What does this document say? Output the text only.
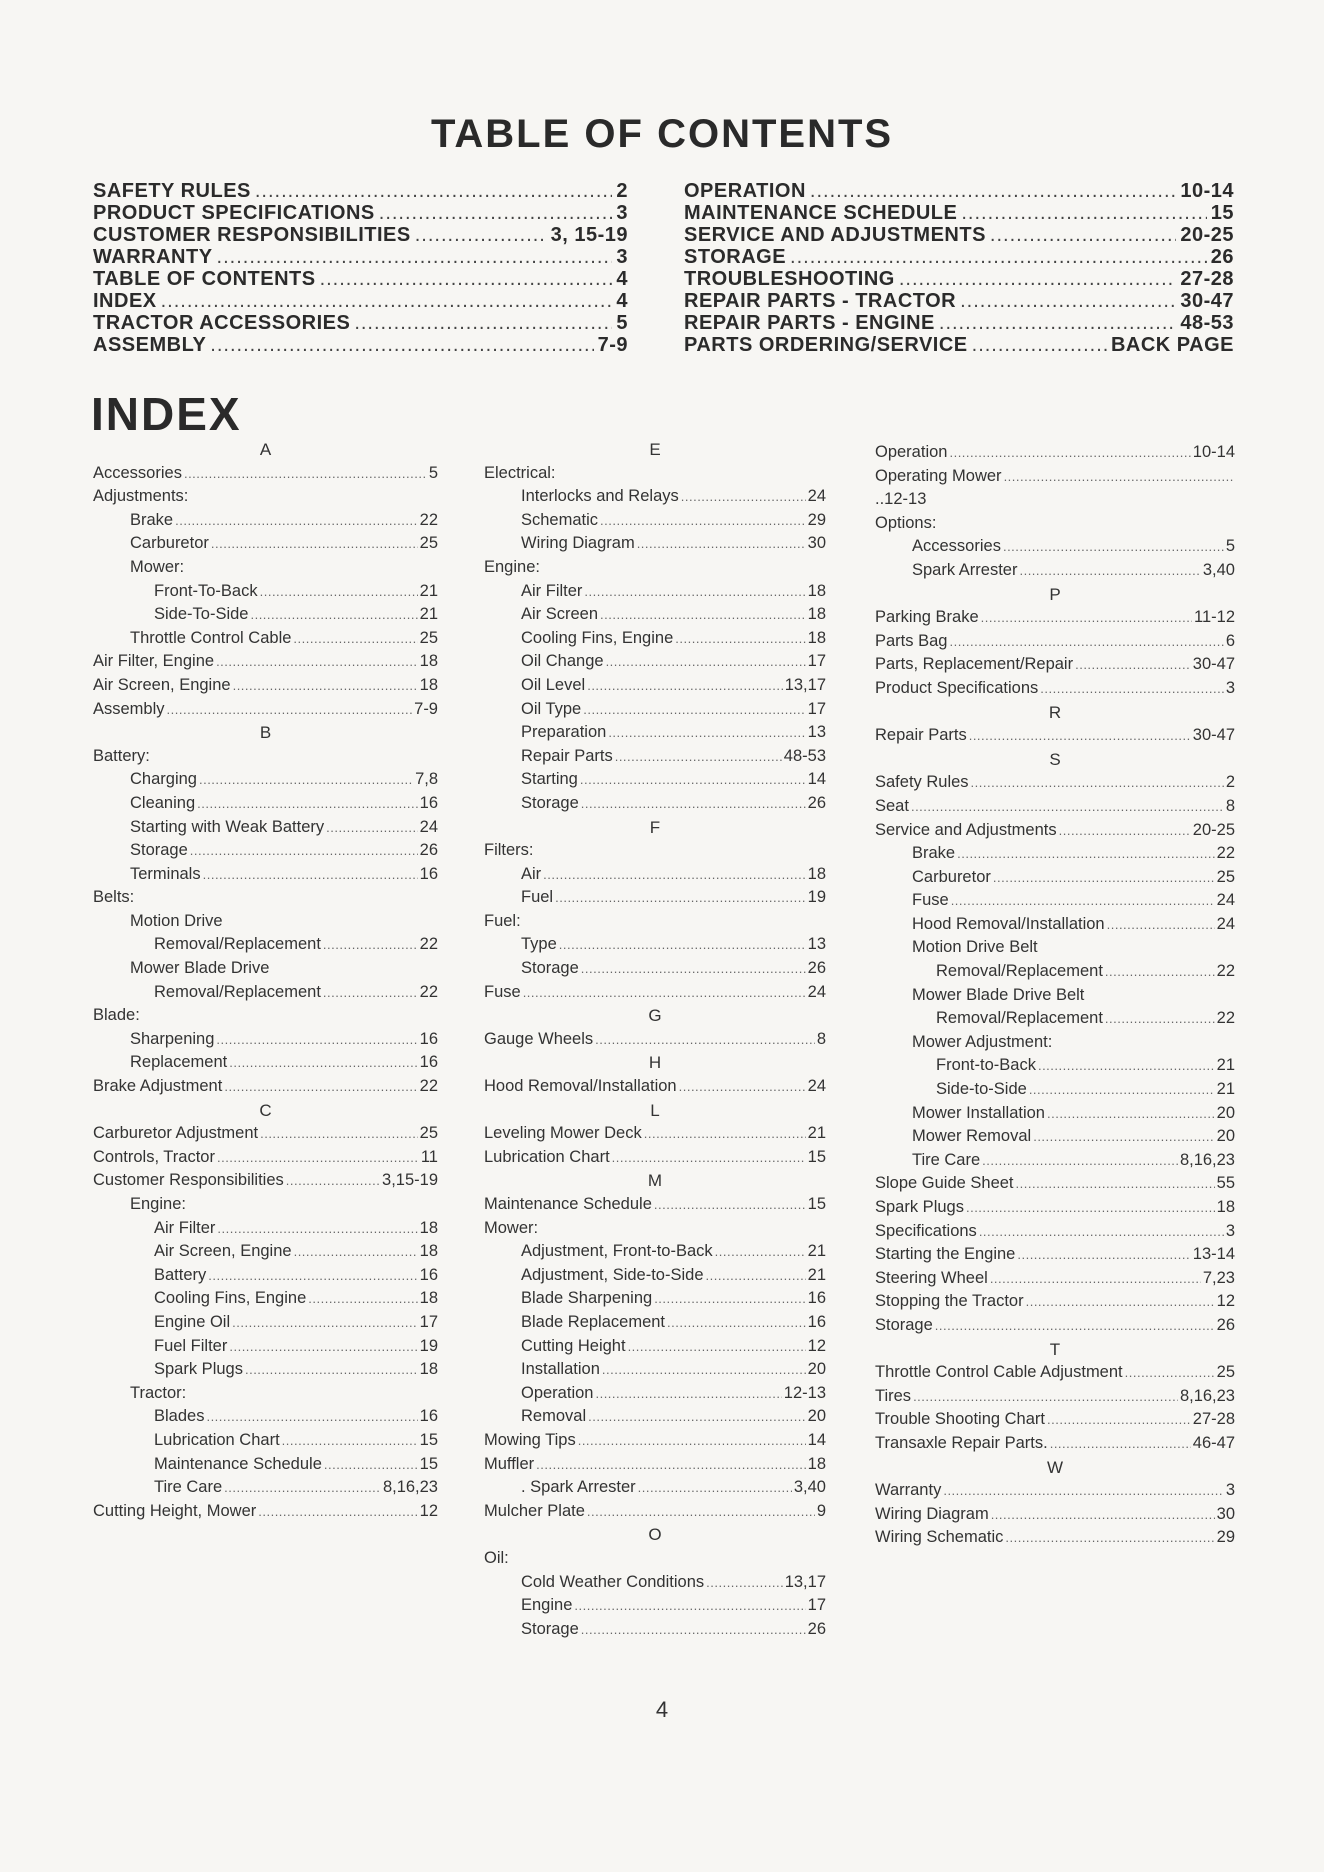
TABLE OF CONTENTS
SAFETY RULES .....	2
PRODUCT SPECIFICATIONS .....	3
CUSTOMER RESPONSIBILITIES .....	3, 15-19
WARRANTY .....	3
TABLE OF CONTENTS .....	4
INDEX .....	4
TRACTOR ACCESSORIES .....	5
ASSEMBLY .....	7-9
OPERATION .....	10-14
MAINTENANCE SCHEDULE .....	15
SERVICE AND ADJUSTMENTS .....	20-25
STORAGE .....	26
TROUBLESHOOTING .....	27-28
REPAIR PARTS - TRACTOR .....	30-47
REPAIR PARTS - ENGINE .....	48-53
PARTS ORDERING/SERVICE .....	BACK PAGE
INDEX
A
Accessories .....	5
Adjustments:
Brake .....	22
Carburetor .....	25
Mower:
Front-To-Back .....	21
Side-To-Side .....	21
Throttle Control Cable .....	25
Air Filter, Engine .....	18
Air Screen, Engine .....	18
Assembly .....	7-9
B
Battery:
Charging .....	7,8
Cleaning .....	16
Starting with Weak Battery .....	24
Storage .....	26
Terminals .....	16
Belts:
Motion Drive
Removal/Replacement .....	22
Mower Blade Drive
Removal/Replacement .....	22
Blade:
Sharpening .....	16
Replacement .....	16
Brake Adjustment .....	22
C
Carburetor Adjustment .....	25
Controls, Tractor .....	11
Customer Responsibilities .....	3,15-19
Engine:
Air Filter .....	18
Air Screen, Engine .....	18
Battery .....	16
Cooling Fins, Engine .....	18
Engine Oil .....	17
Fuel Filter .....	19
Spark Plugs .....	18
Tractor:
Blades .....	16
Lubrication Chart .....	15
Maintenance Schedule .....	15
Tire Care .....	8,16,23
Cutting Height, Mower .....	12
E
Electrical:
Interlocks and Relays .....	24
Schematic .....	29
Wiring Diagram .....	30
Engine:
Air Filter .....	18
Air Screen .....	18
Cooling Fins, Engine .....	18
Oil Change .....	17
Oil Level .....	13,17
Oil Type .....	17
Preparation .....	13
Repair Parts .....	48-53
Starting .....	14
Storage .....	26
F
Filters:
Air .....	18
Fuel .....	19
Fuel:
Type .....	13
Storage .....	26
Fuse .....	24
G
Gauge Wheels .....	8
H
Hood Removal/Installation .....	24
L
Leveling Mower Deck .....	21
Lubrication Chart .....	15
M
Maintenance Schedule .....	15
Mower:
Adjustment, Front-to-Back .....	21
Adjustment, Side-to-Side .....	21
Blade Sharpening .....	16
Blade Replacement .....	16
Cutting Height .....	12
Installation .....	20
Operation .....	12-13
Removal .....	20
Mowing Tips .....	14
Muffler .....	18
. Spark Arrester .....	3,40
Mulcher Plate .....	9
O
Oil:
Cold Weather Conditions .....	13,17
Engine .....	17
Storage .....	26
Operation .....	10-14
Operating Mower
.....
..12-13
Options:
Accessories .....	5
Spark Arrester .....	3,40
P
Parking Brake .....	11-12
Parts Bag .....	6
Parts, Replacement/Repair .....	30-47
Product Specifications .....	3
R
Repair Parts .....	30-47
S
Safety Rules .....	2
Seat .....	8
Service and Adjustments .....	20-25
Brake .....	22
Carburetor .....	25
Fuse .....	24
Hood Removal/Installation .....	24
Motion Drive Belt
Removal/Replacement .....	22
Mower Blade Drive Belt
Removal/Replacement .....	22
Mower Adjustment:
Front-to-Back .....	21
Side-to-Side .....	21
Mower Installation .....	20
Mower Removal .....	20
Tire Care .....	8,16,23
Slope Guide Sheet .....	55
Spark Plugs .....	18
Specifications .....	3
Starting the Engine .....	13-14
Steering Wheel .....	7,23
Stopping the Tractor .....	12
Storage .....	26
T
Throttle Control Cable Adjustment .....	25
Tires .....	8,16,23
Trouble Shooting Chart .....	27-28
Transaxle Repair Parts. .....	46-47
W
Warranty .....	3
Wiring Diagram .....	30
Wiring Schematic .....	29
4
